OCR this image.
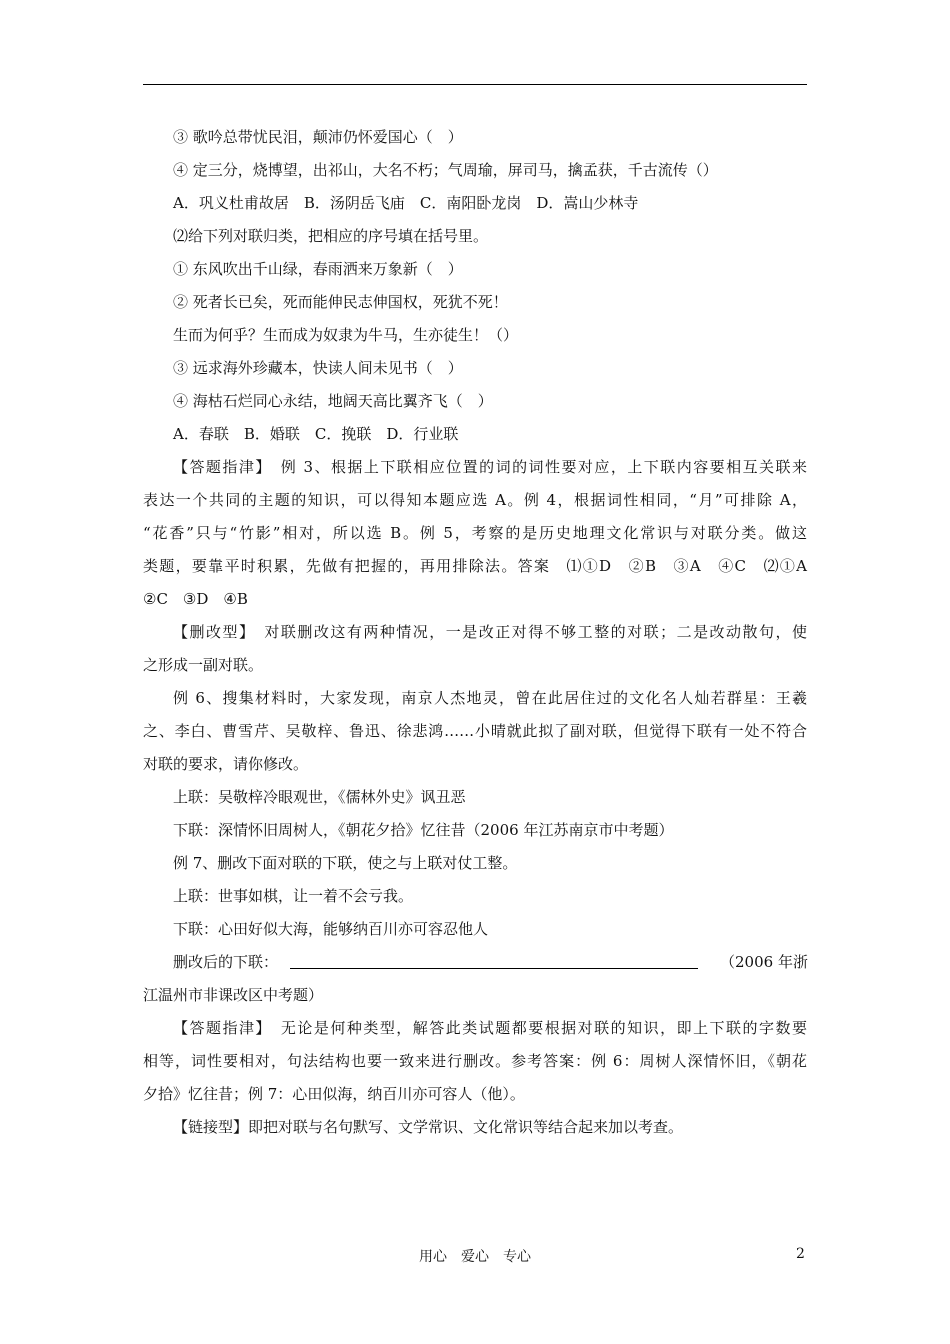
③ 歌吟总带忧民泪，颠沛仍怀爱国心（　）
④ 定三分，烧博望，出祁山，大名不朽；气周瑜，屏司马，擒孟获，千古流传（）
A．巩义杜甫故居　B．汤阴岳飞庙　C．南阳卧龙岗　D．嵩山少林寺
⑵给下列对联归类，把相应的序号填在括号里。
① 东风吹出千山绿，春雨洒来万象新（　）
② 死者长已矣，死而能伸民志伸国权，死犹不死！
生而为何乎？生而成为奴隶为牛马，生亦徒生！（）
③ 远求海外珍藏本，快读人间未见书（　）
④ 海枯石烂同心永结，地阔天高比翼齐飞（　）
A．春联　B．婚联　C．挽联　D．行业联
【答题指津】　例 3、根据上下联相应位置的词的词性要对应，上下联内容要相互关联来
表达一个共同的主题的知识，可以得知本题应选 A。例 4，根据词性相同，“月”可排除 A，
“花香”只与“竹影”相对，所以选 B。例 5，考察的是历史地理文化常识与对联分类。做这
类题，要靠平时积累，先做有把握的，再用排除法。答案　⑴①D　②B　③A　④C　⑵①A
②C　③D　④B
【删改型】　对联删改这有两种情况，一是改正对得不够工整的对联；二是改动散句，使
之形成一副对联。
例 6、搜集材料时，大家发现，南京人杰地灵，曾在此居住过的文化名人灿若群星：王羲
之、李白、曹雪芹、吴敬梓、鲁迅、徐悲鸿……小晴就此拟了副对联，但觉得下联有一处不符合
对联的要求，请你修改。
上联：吴敬梓冷眼观世，《儒林外史》讽丑恶
下联：深情怀旧周树人，《朝花夕拾》忆往昔（2006 年江苏南京市中考题）
例 7、删改下面对联的下联，使之与上联对仗工整。
上联：世事如棋，让一着不会亏我。
下联：心田好似大海，能够纳百川亦可容忍他人
删改后的下联：	（2006 年浙
江温州市非课改区中考题）
【答题指津】　无论是何种类型，解答此类试题都要根据对联的知识，即上下联的字数要
相等，词性要相对，句法结构也要一致来进行删改。参考答案：例 6：周树人深情怀旧，《朝花
夕拾》忆往昔；例 7：心田似海，纳百川亦可容人（他）。
【链接型】即把对联与名句默写、文学常识、文化常识等结合起来加以考查。
用心　爱心　专心	2
